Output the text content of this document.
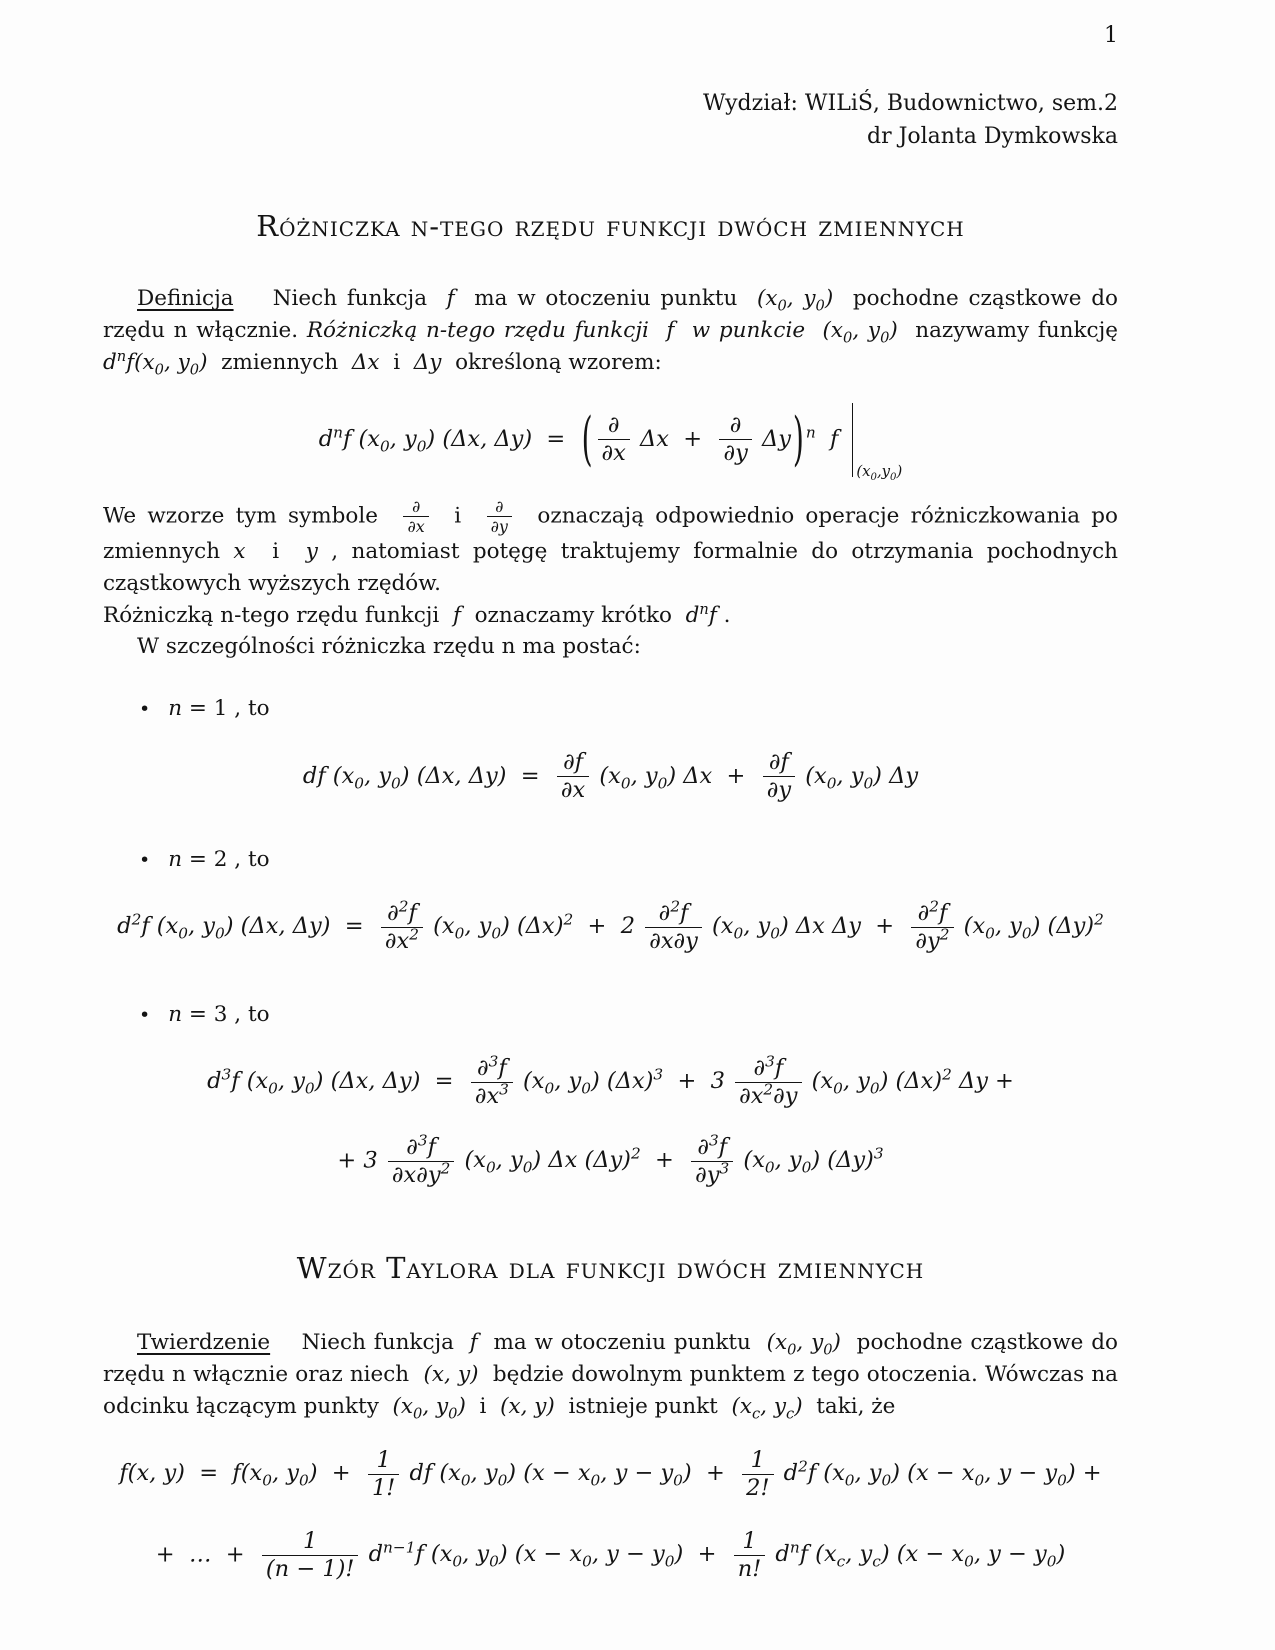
1
Wydział: WILiŚ, Budownictwo, sem.2
dr Jolanta Dymkowska
Różniczka n-tego rzędu funkcji dwóch zmiennych

Definicja    Niech funkcja  f  ma w otoczeniu punktu  ($x_0$, $y_0$)  pochodne cząstkowe do rzędu n włącznie. Różniczką n-tego rzędu funkcji  f  w punkcie  ($x_0$, $y_0$)  nazywamy funkcję  $d^nf(x_0$, $y_0$)  zmiennych  Δx  i  Δy  określoną wzorem:

$d^nf$ ($x_0$, $y_0$) (Δx, Δy)  =  ( $\frac{\partial}{\partial x}$ $\Delta x + \frac{\partial}{\partial y} \Delta y$) $^n$  f
$(x_0,y_0)$

We wzorze tym symbole $\frac{\partial}{\partial x}$ i $\frac{\partial}{\partial y}$ oznaczają odpowiednio operacje różniczkowania po zmiennych x  i  y , natomiast potęgę traktujemy formalnie do otrzymania pochodnych cząstkowych wyższych rzędów.

Różniczką n-tego rzędu funkcji  f  oznaczamy krótko  $d^nf$ .

W szczególności różniczka rzędu n ma postać:

• n = 1 , to
df ($x_0$, $y_0$) (Δx, $\Delta y) = \frac{\partial f}{\partial x} (x_0$, $y_0$) $\Delta x + \frac{\partial f}{\partial y} (x_0$, $y_0$) Δy
• n = 2 , to
$d^2f$ ($x_0$, $y_0$) (Δx, $\Delta y) = \frac{\partial^2f}{\partial x^2} (x_0$, $y_0$) $(\Delta x)^2 + 2 \frac{\partial^2f}{\partial x\partial y} (x_0$, $y_0$) Δx $\Delta y + \frac{\partial^2f}{\partial y^2} (x_0$, $y_0$) $(\Delta y)^2$
• n = 3 , to
$d^3f$ ($x_0$, $y_0$) (Δx, $\Delta y) = \frac{\partial^3f}{\partial x^3} (x_0$, $y_0$) $(\Delta x)^3 + 3 \frac{\partial^3f}{\partial x^2\partial y} (x_0$, $y_0$) $(\Delta x)^2$ Δy +
+ $3 \frac{\partial^3f}{\partial x\partial y^2} (x_0$, $y_0$) Δx $(\Delta y)^2 + \frac{\partial^3f}{\partial y^3} (x_0$, $y_0$) $(\Delta y)^3$
Wzór Taylora dla funkcji dwóch zmiennych

Twierdzenie    Niech funkcja  f  ma w otoczeniu punktu  ($x_0$, $y_0$)  pochodne cząstkowe do rzędu n włącznie oraz niech  (x, y)  będzie dowolnym punktem z tego otoczenia. Wówczas na odcinku łączącym punkty  ($x_0$, $y_0$)  i  (x, y)  istnieje punkt  ($x_c$, $y_c$)  taki, że

f(x, $y) = f(x_0$, $y_0) + \frac{1}{1!}$ df ($x_0$, $y_0$) ($x - x_0$, $y - y_0) + \frac{1}{2!} d^2f$ ($x_0$, $y_0$) ($x - x_0$, $y - y_0$) +
+  …  + $\frac{1}{(n - 1)!} d^{n-1}f$ ($x_0$, $y_0$) ($x - x_0$, $y - y_0) + \frac{1}{n!} d^nf$ ($x_c$, $y_c$) ($x - x_0$, $y - y_0$)
